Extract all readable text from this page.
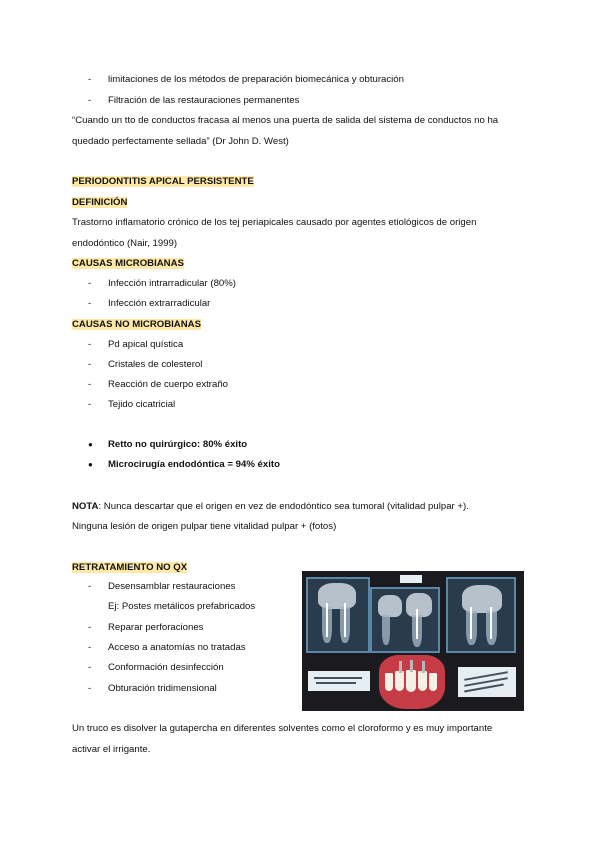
- limitaciones de los métodos de preparación biomecánica y obturación
- Filtración de las restauraciones permanentes
“Cuando un tto de conductos fracasa al menos una puerta de salida del sistema de conductos no ha
quedado perfectamente sellada” (Dr John D. West)
PERIODONTITIS APICAL PERSISTENTE
DEFINICIÓN
Trastorno inflamatorio crónico de los tej periapicales causado por agentes etiológicos de origen
endodóntico (Nair, 1999)
CAUSAS MICROBIANAS
- Infección intrarradicular (80%)
- Infección extrarradicular
CAUSAS NO MICROBIANAS
- Pd apical quística
- Cristales de colesterol
- Reacción de cuerpo extraño
- Tejido cicatricial
● Retto no quirúrgico: 80% éxito
● Microcirugía endodóntica = 94% éxito
NOTA: Nunca descartar que el origen en vez de endodóntico sea tumoral (vitalidad pulpar +).
Ninguna lesión de origen pulpar tiene vitalidad pulpar + (fotos)
RETRATAMIENTO NO QX
- Desensamblar restauraciones
Ej: Postes metálicos prefabricados
- Reparar perforaciones
- Acceso a anatomías no tratadas
- Conformación desinfección
- Obturación tridimensional
Un truco es disolver la gutapercha en diferentes solventes como el cloroformo y es muy importante
activar el irrigante.
